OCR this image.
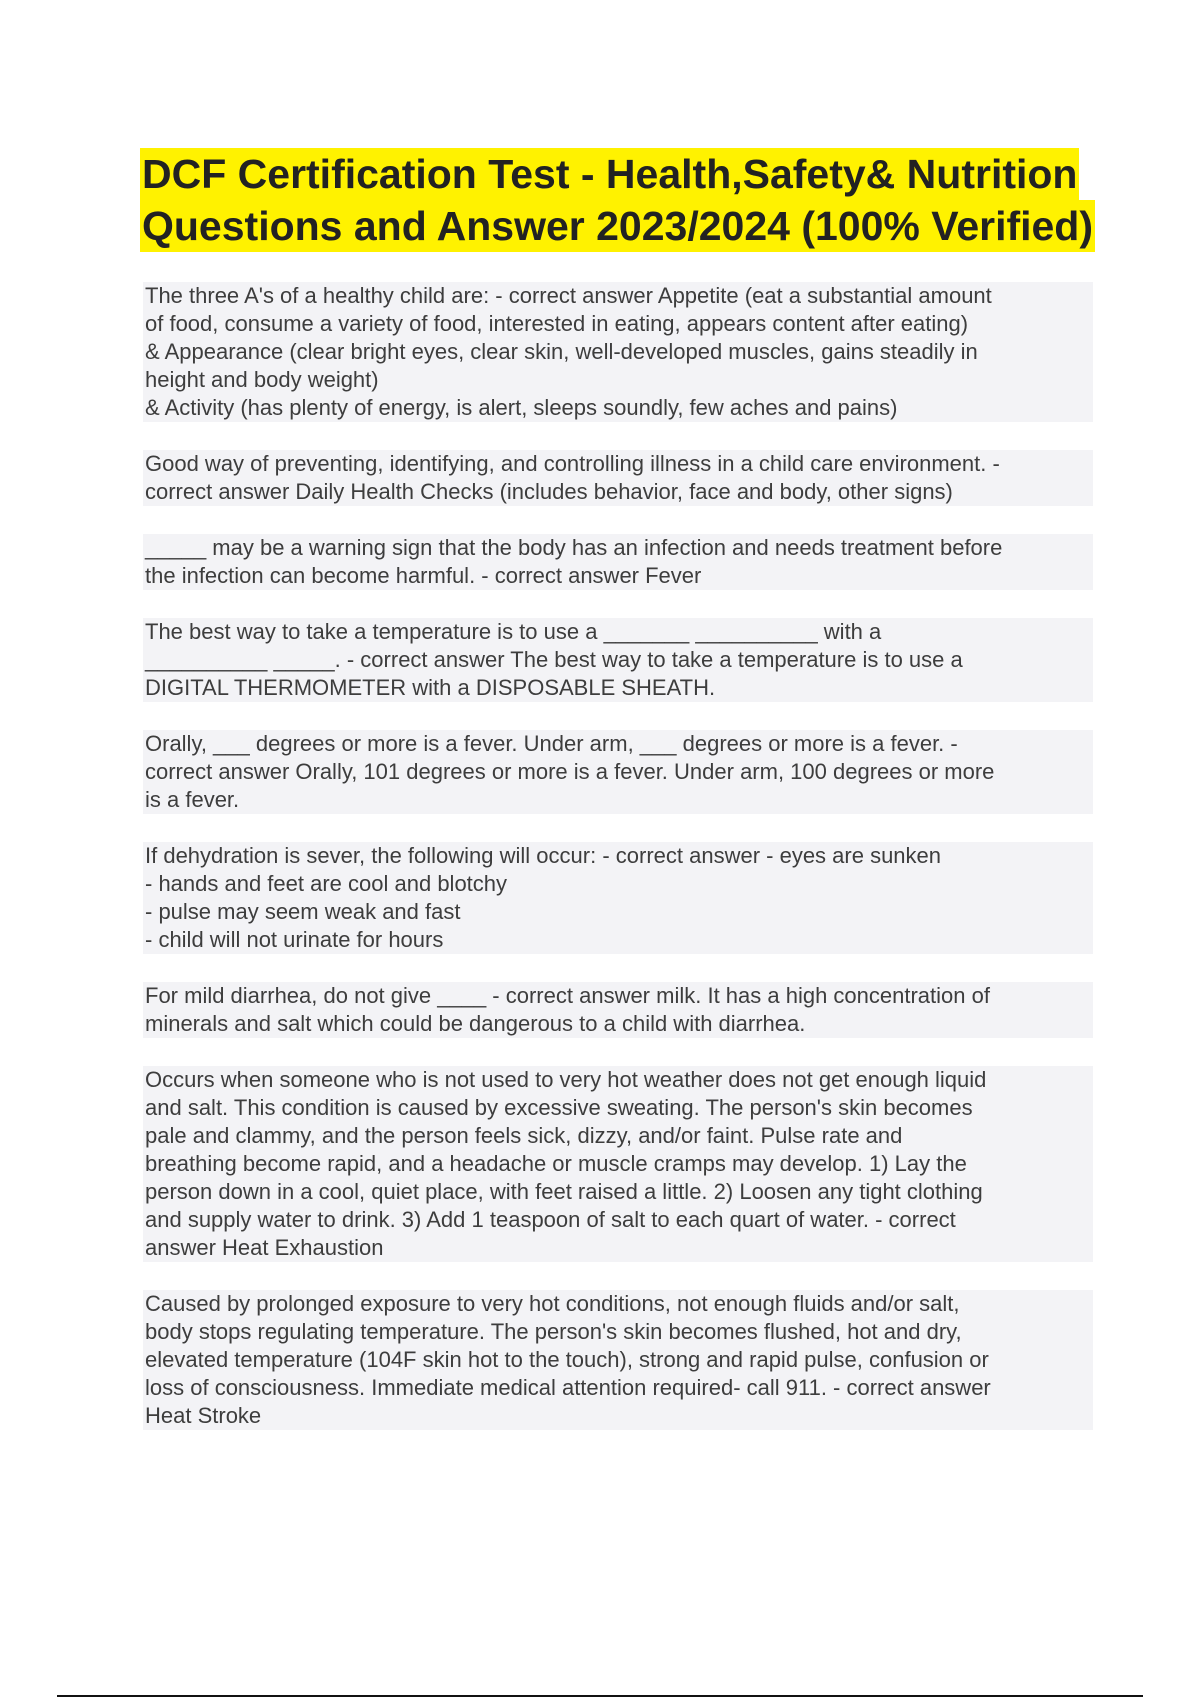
DCF Certification Test - Health,Safety& Nutrition
Questions and Answer 2023/2024 (100% Verified)
The three A's of a healthy child are: - correct answer Appetite (eat a substantial amount
of food, consume a variety of food, interested in eating, appears content after eating)
& Appearance (clear bright eyes, clear skin, well-developed muscles, gains steadily in
height and body weight)
& Activity (has plenty of energy, is alert, sleeps soundly, few aches and pains)
Good way of preventing, identifying, and controlling illness in a child care environment. -
correct answer Daily Health Checks (includes behavior, face and body, other signs)
_____ may be a warning sign that the body has an infection and needs treatment before
the infection can become harmful. - correct answer Fever
The best way to take a temperature is to use a _______ __________ with a
__________ _____. - correct answer The best way to take a temperature is to use a
DIGITAL THERMOMETER with a DISPOSABLE SHEATH.
Orally, ___ degrees or more is a fever. Under arm, ___ degrees or more is a fever. -
correct answer Orally, 101 degrees or more is a fever. Under arm, 100 degrees or more
is a fever.
If dehydration is sever, the following will occur: - correct answer - eyes are sunken
- hands and feet are cool and blotchy
- pulse may seem weak and fast
- child will not urinate for hours
For mild diarrhea, do not give ____ - correct answer milk. It has a high concentration of
minerals and salt which could be dangerous to a child with diarrhea.
Occurs when someone who is not used to very hot weather does not get enough liquid
and salt. This condition is caused by excessive sweating. The person's skin becomes
pale and clammy, and the person feels sick, dizzy, and/or faint. Pulse rate and
breathing become rapid, and a headache or muscle cramps may develop. 1) Lay the
person down in a cool, quiet place, with feet raised a little. 2) Loosen any tight clothing
and supply water to drink. 3) Add 1 teaspoon of salt to each quart of water. - correct
answer Heat Exhaustion
Caused by prolonged exposure to very hot conditions, not enough fluids and/or salt,
body stops regulating temperature. The person's skin becomes flushed, hot and dry,
elevated temperature (104F skin hot to the touch), strong and rapid pulse, confusion or
loss of consciousness. Immediate medical attention required- call 911. - correct answer
Heat Stroke
